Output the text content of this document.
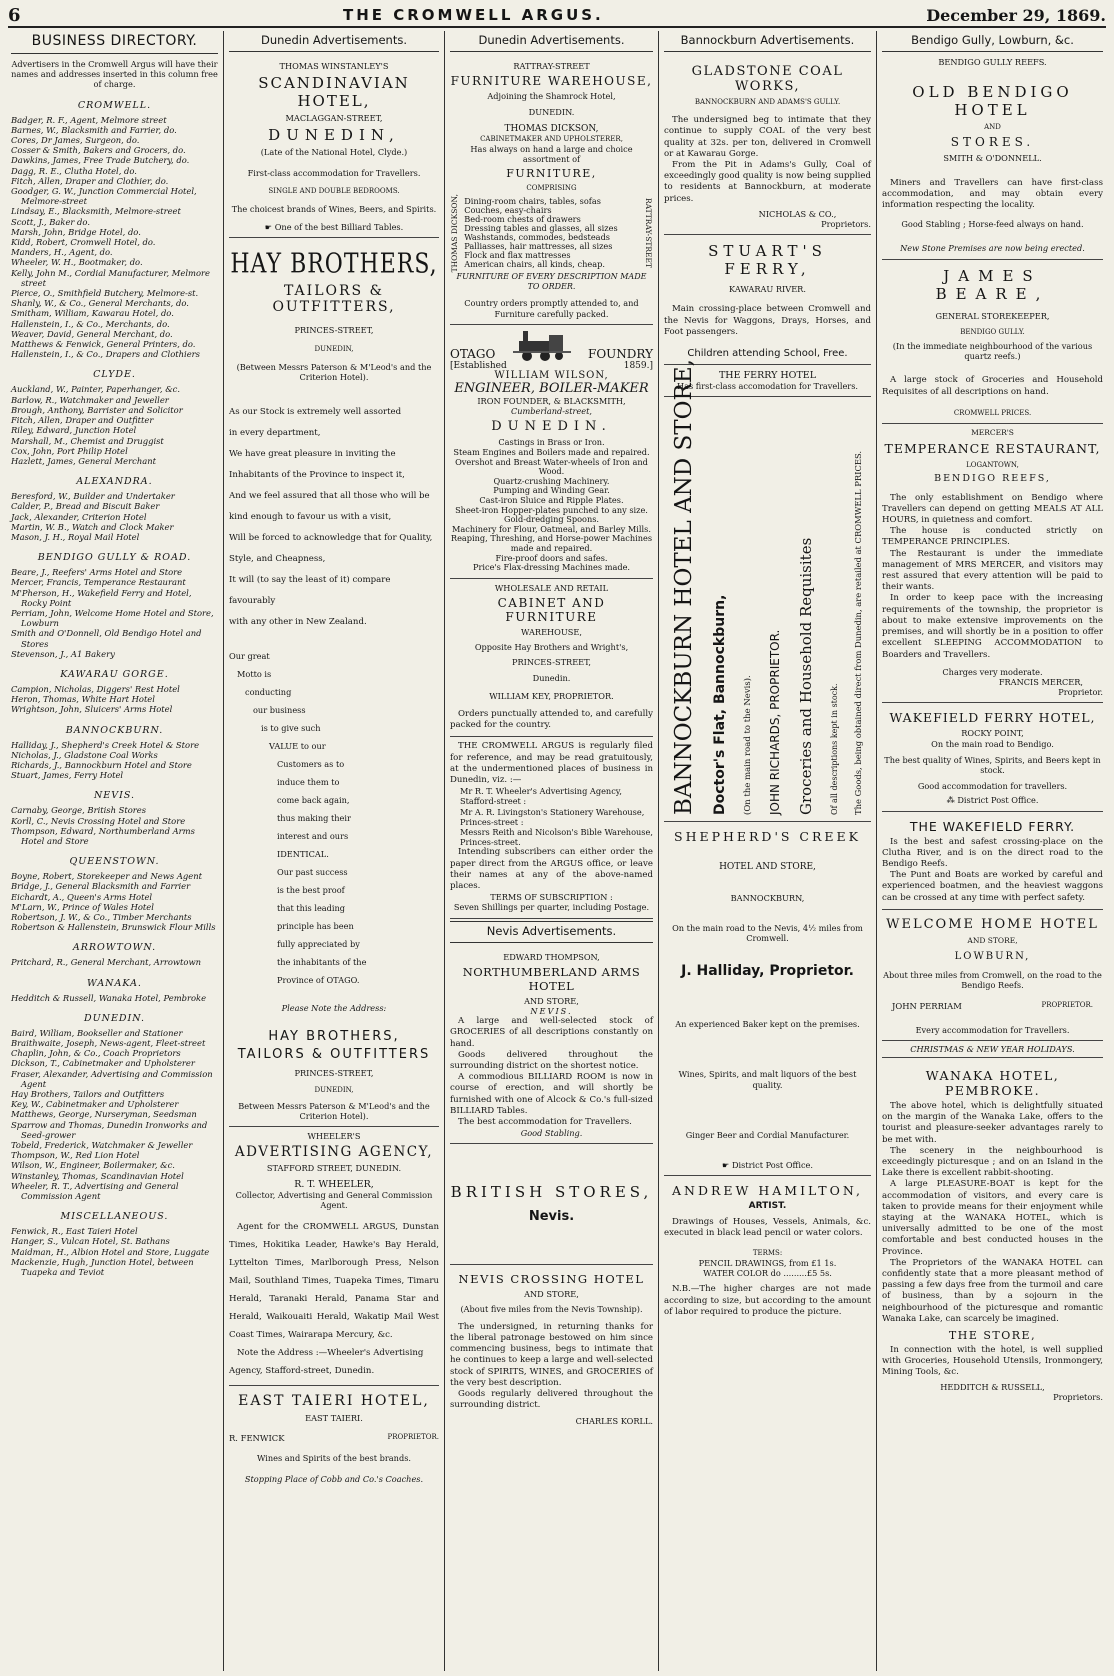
6	THE CROMWELL ARGUS.	December 29, 1869.
BUSINESS DIRECTORY.

Advertisers in the Cromwell Argus will have their names and addresses inserted in this column free of charge.

CROMWELL.

Badger, R. F., Agent, Melmore street

Barnes, W., Blacksmith and Farrier, do.

Cores, Dr James, Surgeon, do.

Cosser & Smith, Bakers and Grocers, do.

Dawkins, James, Free Trade Butchery, do.

Dagg, R. E., Clutha Hotel, do.

Fitch, Allen, Draper and Clothier, do.

Goodger, G. W., Junction Commercial Hotel, Melmore-street

Lindsay, E., Blacksmith, Melmore-street

Scott, J., Baker do.

Marsh, John, Bridge Hotel, do.

Kidd, Robert, Cromwell Hotel, do.

Manders, H., Agent, do.

Wheeler, W. H., Bootmaker, do.

Kelly, John M., Cordial Manufacturer, Melmore street

Pierce, O., Smithfield Butchery, Melmore-st.

Shanly, W., & Co., General Merchants, do.

Smitham, William, Kawarau Hotel, do.

Hallenstein, I., & Co., Merchants, do.

Weaver, David, General Merchant, do.

Matthews & Fenwick, General Printers, do.

Hallenstein, I., & Co., Drapers and Clothiers

CLYDE.

Auckland, W., Painter, Paperhanger, &c.

Barlow, R., Watchmaker and Jeweller

Brough, Anthony, Barrister and Solicitor

Fitch, Allen, Draper and Outfitter

Riley, Edward, Junction Hotel

Marshall, M., Chemist and Druggist

Cox, John, Port Philip Hotel

Hazlett, James, General Merchant

ALEXANDRA.

Beresford, W., Builder and Undertaker

Calder, P., Bread and Biscuit Baker

Jack, Alexander, Criterion Hotel

Martin, W. B., Watch and Clock Maker

Mason, J. H., Royal Mail Hotel

BENDIGO GULLY & ROAD.

Beare, J., Reefers' Arms Hotel and Store

Mercer, Francis, Temperance Restaurant

M'Pherson, H., Wakefield Ferry and Hotel, Rocky Point

Perriam, John, Welcome Home Hotel and Store, Lowburn

Smith and O'Donnell, Old Bendigo Hotel and Stores

Stevenson, J., A1 Bakery

KAWARAU GORGE.

Campion, Nicholas, Diggers' Rest Hotel

Heron, Thomas, White Hart Hotel

Wrightson, John, Sluicers' Arms Hotel

BANNOCKBURN.

Halliday, J., Shepherd's Creek Hotel & Store

Nicholas, J., Gladstone Coal Works

Richards, J., Bannockburn Hotel and Store

Stuart, James, Ferry Hotel

NEVIS.

Carnaby, George, British Stores

Korll, C., Nevis Crossing Hotel and Store

Thompson, Edward, Northumberland Arms Hotel and Store

QUEENSTOWN.

Boyne, Robert, Storekeeper and News Agent

Bridge, J., General Blacksmith and Farrier

Eichardt, A., Queen's Arms Hotel

M'Larn, W., Prince of Wales Hotel

Robertson, J. W., & Co., Timber Merchants

Robertson & Hallenstein, Brunswick Flour Mills

ARROWTOWN.

Pritchard, R., General Merchant, Arrowtown

WANAKA.

Hedditch & Russell, Wanaka Hotel, Pembroke

DUNEDIN.

Baird, William, Bookseller and Stationer

Braithwaite, Joseph, News-agent, Fleet-street

Chaplin, John, & Co., Coach Proprietors

Dickson, T., Cabinetmaker and Upholsterer

Fraser, Alexander, Advertising and Commission Agent

Hay Brothers, Tailors and Outfitters

Key, W., Cabinetmaker and Upholsterer

Matthews, George, Nurseryman, Seedsman

Sparrow and Thomas, Dunedin Ironworks and Seed-grower

Tobeld, Frederick, Watchmaker & Jeweller

Thompson, W., Red Lion Hotel

Wilson, W., Engineer, Boilermaker, &c.

Winstanley, Thomas, Scandinavian Hotel

Wheeler, R. T., Advertising and General Commission Agent

MISCELLANEOUS.

Fenwick, R., East Taieri Hotel

Hanger, S., Vulcan Hotel, St. Bathans

Maidman, H., Albion Hotel and Store, Luggate

Mackenzie, Hugh, Junction Hotel, between Tuapeka and Teviot

Dunedin Advertisements.

THOMAS WINSTANLEY'S

SCANDINAVIAN HOTEL,

MACLAGGAN-STREET,

DUNEDIN,

(Late of the National Hotel, Clyde.)

First-class accommodation for Travellers.

SINGLE AND DOUBLE BEDROOMS.

The choicest brands of Wines, Beers, and Spirits.

☛ One of the best Billiard Tables.

HAY BROTHERS,

TAILORS & OUTFITTERS,

PRINCES-STREET,

DUNEDIN,

(Between Messrs Paterson & M'Leod's and the Criterion Hotel).

As our Stock is extremely well assorted

in every department,

We have great pleasure in inviting the Inhabitants of the Province to inspect it,

And we feel assured that all those who will be

kind enough to favour us with a visit,

Will be forced to acknowledge that for Quality,

Style, and Cheapness,

It will (to say the least of it) compare favourably

with any other in New Zealand.

Our great

Motto is

conducting

our business

is to give such

VALUE to our

Customers as to

induce them to

come back again,

thus making their

interest and ours

IDENTICAL.

Our past success

is the best proof

that this leading

principle has been

fully appreciated by

the inhabitants of the

Province of OTAGO.

Please Note the Address:

HAY BROTHERS,

TAILORS & OUTFITTERS

PRINCES-STREET,

DUNEDIN,

Between Messrs Paterson & M'Leod's and the Criterion Hotel).

WHEELER'S

ADVERTISING AGENCY,

STAFFORD STREET, DUNEDIN.

R. T. WHEELER,

Collector, Advertising and General Commission Agent.

Agent for the CROMWELL ARGUS, Dunstan Times, Hokitika Leader, Hawke's Bay Herald, Lyttelton Times, Marlborough Press, Nelson Mail, Southland Times, Tuapeka Times, Timaru Herald, Taranaki Herald, Panama Star and Herald, Waikouaiti Herald, Wakatip Mail West Coast Times, Wairarapa Mercury, &c.

Note the Address :—Wheeler's Advertising Agency, Stafford-street, Dunedin.

EAST TAIERI HOTEL,

EAST TAIERI.

R. FENWICK	PROPRIETOR.

Wines and Spirits of the best brands.

Stopping Place of Cobb and Co.'s Coaches.

Dunedin Advertisements.

RATTRAY-STREET

FURNITURE WAREHOUSE,

Adjoining the Shamrock Hotel,

DUNEDIN.

THOMAS DICKSON,

CABINETMAKER AND UPHOLSTERER,

Has always on hand a large and choice assortment of

FURNITURE,

COMPRISING

THOMAS DICKSON, Dining-room chairs, tables, sofas

Couches, easy-chairs

Bed-room chests of drawers

Dressing tables and glasses, all sizes

Washstands, commodes, bedsteads

Palliasses, hair mattresses, all sizes

Flock and flax mattresses

American chairs, all kinds, cheap.	RATTRAY-STREET

FURNITURE OF EVERY DESCRIPTION MADE TO ORDER.

Country orders promptly attended to, and Furniture carefully packed.

OTAGO	FOUNDRY
[Established	1859.]

WILLIAM WILSON,

ENGINEER, BOILER-MAKER

IRON FOUNDER, & BLACKSMITH,

Cumberland-street,

DUNEDIN.

Castings in Brass or Iron.

Steam Engines and Boilers made and repaired.

Overshot and Breast Water-wheels of Iron and Wood.

Quartz-crushing Machinery.

Pumping and Winding Gear.

Cast-iron Sluice and Ripple Plates.

Sheet-iron Hopper-plates punched to any size.

Gold-dredging Spoons.

Machinery for Flour, Oatmeal, and Barley Mills.

Reaping, Threshing, and Horse-power Machines made and repaired.

Fire-proof doors and safes.

Price's Flax-dressing Machines made.

WHOLESALE AND RETAIL

CABINET AND FURNITURE

WAREHOUSE,

Opposite Hay Brothers and Wright's,

PRINCES-STREET,

Dunedin.

WILLIAM KEY, PROPRIETOR.

Orders punctually attended to, and carefully packed for the country.

THE CROMWELL ARGUS is regularly filed for reference, and may be read gratuitously, at the undermentioned places of business in Dunedin, viz. :—

Mr R. T. Wheeler's Advertising Agency, Stafford-street :

Mr A. R. Livingston's Stationery Warehouse, Princes-street :

Messrs Reith and Nicolson's Bible Warehouse, Princes-street.

Intending subscribers can either order the paper direct from the ARGUS office, or leave their names at any of the above-named places.

TERMS OF SUBSCRIPTION :

Seven Shillings per quarter, including Postage.

Nevis Advertisements.

EDWARD THOMPSON,

NORTHUMBERLAND ARMS HOTEL

AND STORE,

NEVIS.

A large and well-selected stock of GROCERIES of all descriptions constantly on hand.

Goods delivered throughout the surrounding district on the shortest notice.

A commodious BILLIARD ROOM is now in course of erection, and will shortly be furnished with one of Alcock & Co.'s full-sized BILLIARD Tables.

The best accommodation for Travellers.

Good Stabling.

BRITISH STORES,

Nevis.

NEVIS CROSSING HOTEL

AND STORE,

(About five miles from the Nevis Township).

The undersigned, in returning thanks for the liberal patronage bestowed on him since commencing business, begs to intimate that he continues to keep a large and well-selected stock of SPIRITS, WINES, and GROCERIES of the very best description.

Goods regularly delivered throughout the surrounding district.

CHARLES KORLL.

Bannockburn Advertisements.

GLADSTONE COAL WORKS,

BANNOCKBURN AND ADAMS'S GULLY.

The undersigned beg to intimate that they continue to supply COAL of the very best quality at 32s. per ton, delivered in Cromwell or at Kawarau Gorge.

From the Pit in Adams's Gully, Coal of exceedingly good quality is now being supplied to residents at Bannockburn, at moderate prices.

NICHOLAS & CO.,

Proprietors.

STUART'S FERRY,

KAWARAU RIVER.

Main crossing-place between Cromwell and the Nevis for Waggons, Drays, Horses, and Foot passengers.

Children attending School, Free.

THE FERRY HOTEL

Has first-class accomodation for Travellers.

BANNOCKBURN HOTEL AND STORE, Doctor's Flat, Bannockburn, (On the main road to the Nevis). JOHN RICHARDS, PROPRIETOR. Groceries and Household Requisites Of all descriptions kept in stock. The Goods, being obtained direct from Dunedin, are retailed at CROMWELL PRICES.

SHEPHERD'S CREEK

HOTEL AND STORE,

BANNOCKBURN,

On the main road to the Nevis, 4½ miles from Cromwell.

J. Halliday, Proprietor.

An experienced Baker kept on the premises.

Wines, Spirits, and malt liquors of the best quality.

Ginger Beer and Cordial Manufacturer.

☛ District Post Office.

ANDREW HAMILTON,

ARTIST.

Drawings of Houses, Vessels, Animals, &c. executed in black lead pencil or water colors.

TERMS:

PENCIL DRAWINGS, from £1 1s.

WATER COLOR do .........£5 5s.

N.B.—The higher charges are not made according to size, but according to the amount of labor required to produce the picture.

Bendigo Gully, Lowburn, &c.

BENDIGO GULLY REEFS.

OLD BENDIGO HOTEL

AND

STORES.

SMITH & O'DONNELL.

Miners and Travellers can have first-class accommodation, and may obtain every information respecting the locality.

Good Stabling ; Horse-feed always on hand.

New Stone Premises are now being erected.

JAMES BEARE,

GENERAL STOREKEEPER,

BENDIGO GULLY.

(In the immediate neighbourhood of the various quartz reefs.)

A large stock of Groceries and Household Requisites of all descriptions on hand.

CROMWELL PRICES.

MERCER'S

TEMPERANCE RESTAURANT,

LOGANTOWN,

BENDIGO REEFS,

The only establishment on Bendigo where Travellers can depend on getting MEALS AT ALL HOURS, in quietness and comfort.

The house is conducted strictly on TEMPERANCE PRINCIPLES.

The Restaurant is under the immediate management of MRS MERCER, and visitors may rest assured that every attention will be paid to their wants.

In order to keep pace with the increasing requirements of the township, the proprietor is about to make extensive improvements on the premises, and will shortly be in a position to offer excellent SLEEPING ACCOMMODATION to Boarders and Travellers.

Charges very moderate.

FRANCIS MERCER,

Proprietor.

WAKEFIELD FERRY HOTEL,

ROCKY POINT,

On the main road to Bendigo.

The best quality of Wines, Spirits, and Beers kept in stock.

Good accommodation for travellers.

⁂ District Post Office.

THE WAKEFIELD FERRY.

Is the best and safest crossing-place on the Clutha River, and is on the direct road to the Bendigo Reefs.

The Punt and Boats are worked by careful and experienced boatmen, and the heaviest waggons can be crossed at any time with perfect safety.

WELCOME HOME HOTEL

AND STORE,

LOWBURN,

About three miles from Cromwell, on the road to the Bendigo Reefs.

JOHN PERRIAM	PROPRIETOR.

Every accommodation for Travellers.

CHRISTMAS & NEW YEAR HOLIDAYS.

WANAKA HOTEL, PEMBROKE.

The above hotel, which is delightfully situated on the margin of the Wanaka Lake, offers to the tourist and pleasure-seeker advantages rarely to be met with.

The scenery in the neighbourhood is exceedingly picturesque ; and on an Island in the Lake there is excellent rabbit-shooting.

A large PLEASURE-BOAT is kept for the accommodation of visitors, and every care is taken to provide means for their enjoyment while staying at the WANAKA HOTEL, which is universally admitted to be one of the most comfortable and best conducted houses in the Province.

The Proprietors of the WANAKA HOTEL can confidently state that a more pleasant method of passing a few days free from the turmoil and care of business, than by a sojourn in the neighbourhood of the picturesque and romantic Wanaka Lake, can scarcely be imagined.

THE STORE,

In connection with the hotel, is well supplied with Groceries, Household Utensils, Ironmongery, Mining Tools, &c.

HEDDITCH & RUSSELL,

Proprietors.
